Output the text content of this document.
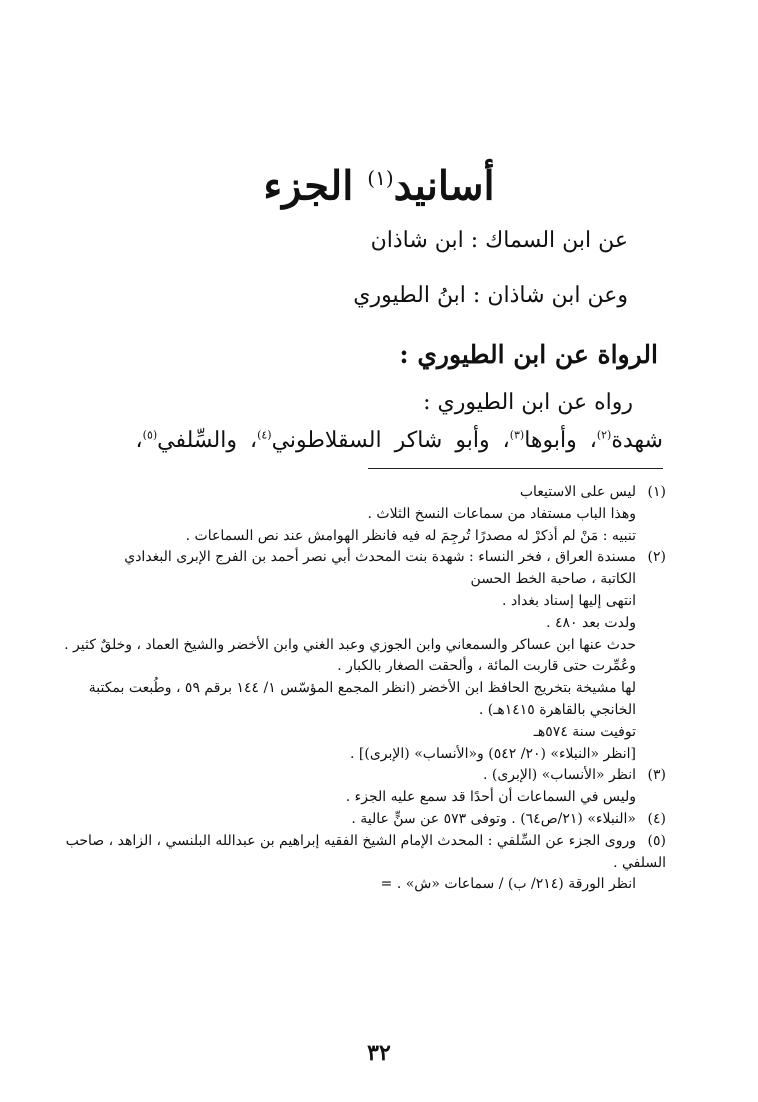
أسانيد$^{(١)}$ الجزء
عن ابن السماك : ابن شاذان
وعن ابن شاذان : ابنُ الطيوري
الرواة عن ابن الطيوري :
رواه عن ابن الطيوري :
شهدة$^{(٢)}$، وأبوها$^{(٣)}$، وأبو شاكر السقلاطوني$^{(٤)}$، والسِّلفي$^{(٥)}$،
(١)ليس على الاستيعاب
وهذا الباب مستفاد من سماعات النسخ الثلاث .
تنبيه : مَنْ لم أذكرْ له مصدرًا تُرجِمَ له فيه فانظر الهوامش عند نص السماعات .
(٢)مسندة العراق ، فخر النساء : شهدة بنت المحدث أبي نصر أحمد بن الفرج الإبرى البغدادي
الكاتبة ، صاحبة الخط الحسن
انتهى إليها إسناد بغداد .
ولدت بعد ٤٨٠ .
حدث عنها ابن عساكر والسمعاني وابن الجوزي وعبد الغني وابن الأخضر والشيخ العماد ، وخلقٌ كثير .
وعُمِّرت حتى قاربت المائة ، وألحقت الصغار بالكبار .
لها مشيخة بتخريج الحافظ ابن الأخضر (انظر المجمع المؤسّس ١/ ١٤٤ برقم ٥٩ ، وطُبعت بمكتبة الخانجي بالقاهرة ١٤١٥هـ) .
توفيت سنة ٥٧٤هـ
[انظر «النبلاء» (٢٠/ ٥٤٢) و«الأنساب» (الإبرى)] .
(٣)انظر «الأنساب» (الإبرى) .
وليس في السماعات أن أحدًا قد سمع عليه الجزء .
(٤)«النبلاء» (٢١/ص٦٤) . وتوفى ٥٧٣ عن سنٍّ عالية .
(٥)وروى الجزء عن السِّلفي : المحدث الإمام الشيخ الفقيه إبراهيم بن عبدالله البلنسي ، الزاهد ، صاحب السلفي .
انظر الورقة (٢١٤/ ب) / سماعات «ش» . =
٣٢
